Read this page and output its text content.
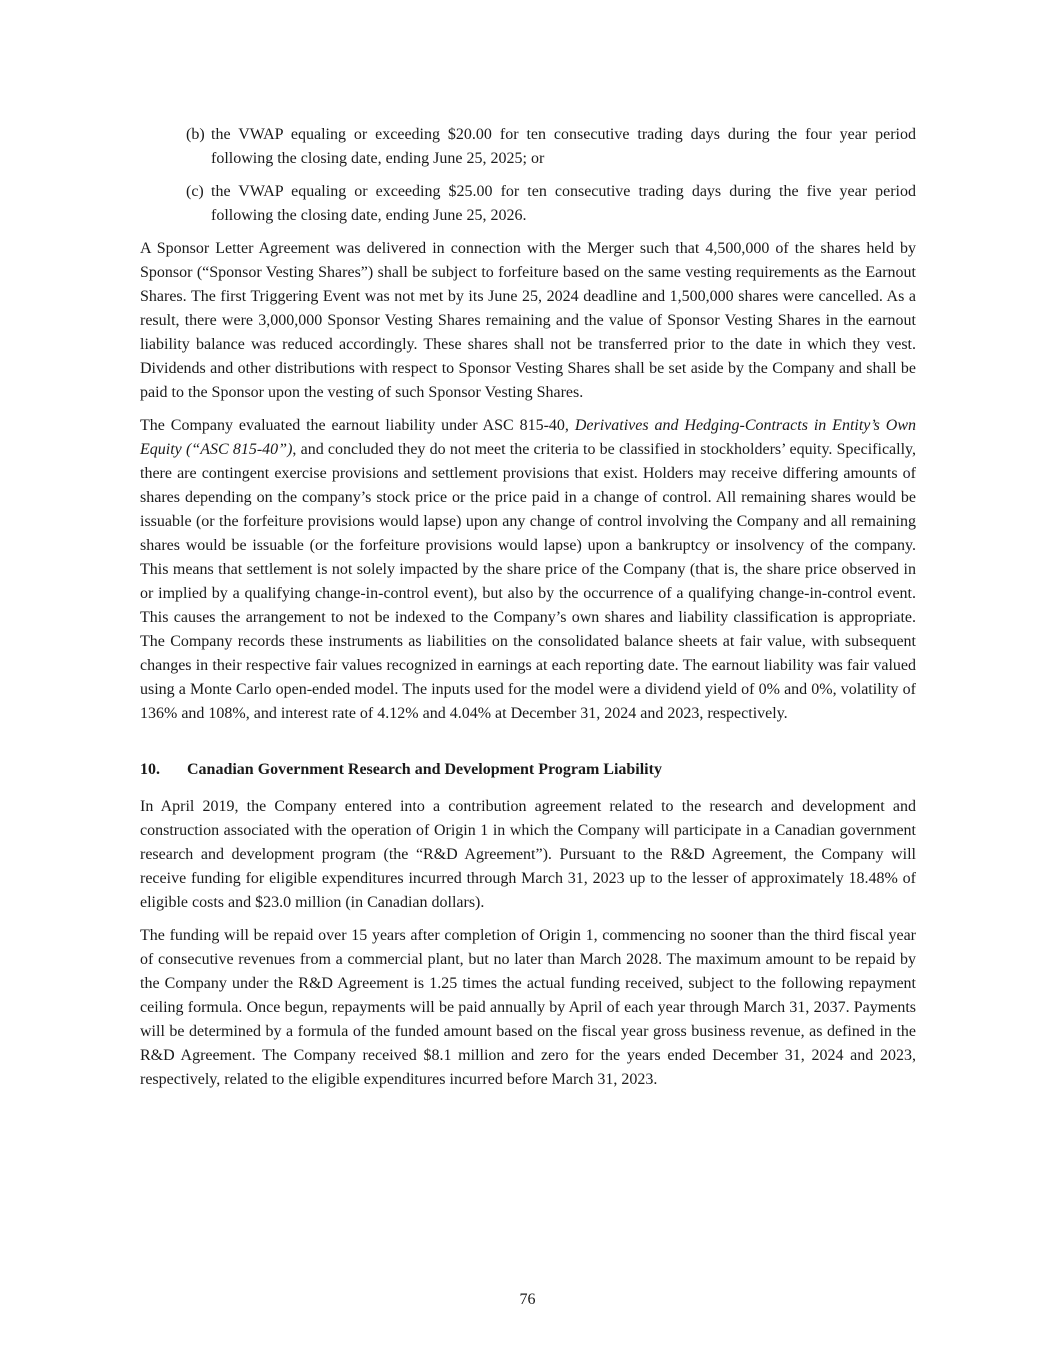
(b) the VWAP equaling or exceeding $20.00 for ten consecutive trading days during the four year period following the closing date, ending June 25, 2025; or
(c) the VWAP equaling or exceeding $25.00 for ten consecutive trading days during the five year period following the closing date, ending June 25, 2026.

A Sponsor Letter Agreement was delivered in connection with the Merger such that 4,500,000 of the shares held by Sponsor (“Sponsor Vesting Shares”) shall be subject to forfeiture based on the same vesting requirements as the Earnout Shares. The first Triggering Event was not met by its June 25, 2024 deadline and 1,500,000 shares were cancelled. As a result, there were 3,000,000 Sponsor Vesting Shares remaining and the value of Sponsor Vesting Shares in the earnout liability balance was reduced accordingly. These shares shall not be transferred prior to the date in which they vest. Dividends and other distributions with respect to Sponsor Vesting Shares shall be set aside by the Company and shall be paid to the Sponsor upon the vesting of such Sponsor Vesting Shares.

The Company evaluated the earnout liability under ASC 815-40, Derivatives and Hedging-Contracts in Entity’s Own Equity (“ASC 815-40”), and concluded they do not meet the criteria to be classified in stockholders’ equity. Specifically, there are contingent exercise provisions and settlement provisions that exist. Holders may receive differing amounts of shares depending on the company’s stock price or the price paid in a change of control. All remaining shares would be issuable (or the forfeiture provisions would lapse) upon any change of control involving the Company and all remaining shares would be issuable (or the forfeiture provisions would lapse) upon a bankruptcy or insolvency of the company. This means that settlement is not solely impacted by the share price of the Company (that is, the share price observed in or implied by a qualifying change-in-control event), but also by the occurrence of a qualifying change-in-control event. This causes the arrangement to not be indexed to the Company’s own shares and liability classification is appropriate. The Company records these instruments as liabilities on the consolidated balance sheets at fair value, with subsequent changes in their respective fair values recognized in earnings at each reporting date. The earnout liability was fair valued using a Monte Carlo open-ended model. The inputs used for the model were a dividend yield of 0% and 0%, volatility of 136% and 108%, and interest rate of 4.12% and 4.04% at December 31, 2024 and 2023, respectively.

10.	Canadian Government Research and Development Program Liability

In April 2019, the Company entered into a contribution agreement related to the research and development and construction associated with the operation of Origin 1 in which the Company will participate in a Canadian government research and development program (the “R&D Agreement”). Pursuant to the R&D Agreement, the Company will receive funding for eligible expenditures incurred through March 31, 2023 up to the lesser of approximately 18.48% of eligible costs and $23.0 million (in Canadian dollars).

The funding will be repaid over 15 years after completion of Origin 1, commencing no sooner than the third fiscal year of consecutive revenues from a commercial plant, but no later than March 2028. The maximum amount to be repaid by the Company under the R&D Agreement is 1.25 times the actual funding received, subject to the following repayment ceiling formula. Once begun, repayments will be paid annually by April of each year through March 31, 2037. Payments will be determined by a formula of the funded amount based on the fiscal year gross business revenue, as defined in the R&D Agreement. The Company received $8.1 million and zero for the years ended December 31, 2024 and 2023, respectively, related to the eligible expenditures incurred before March 31, 2023.

76
